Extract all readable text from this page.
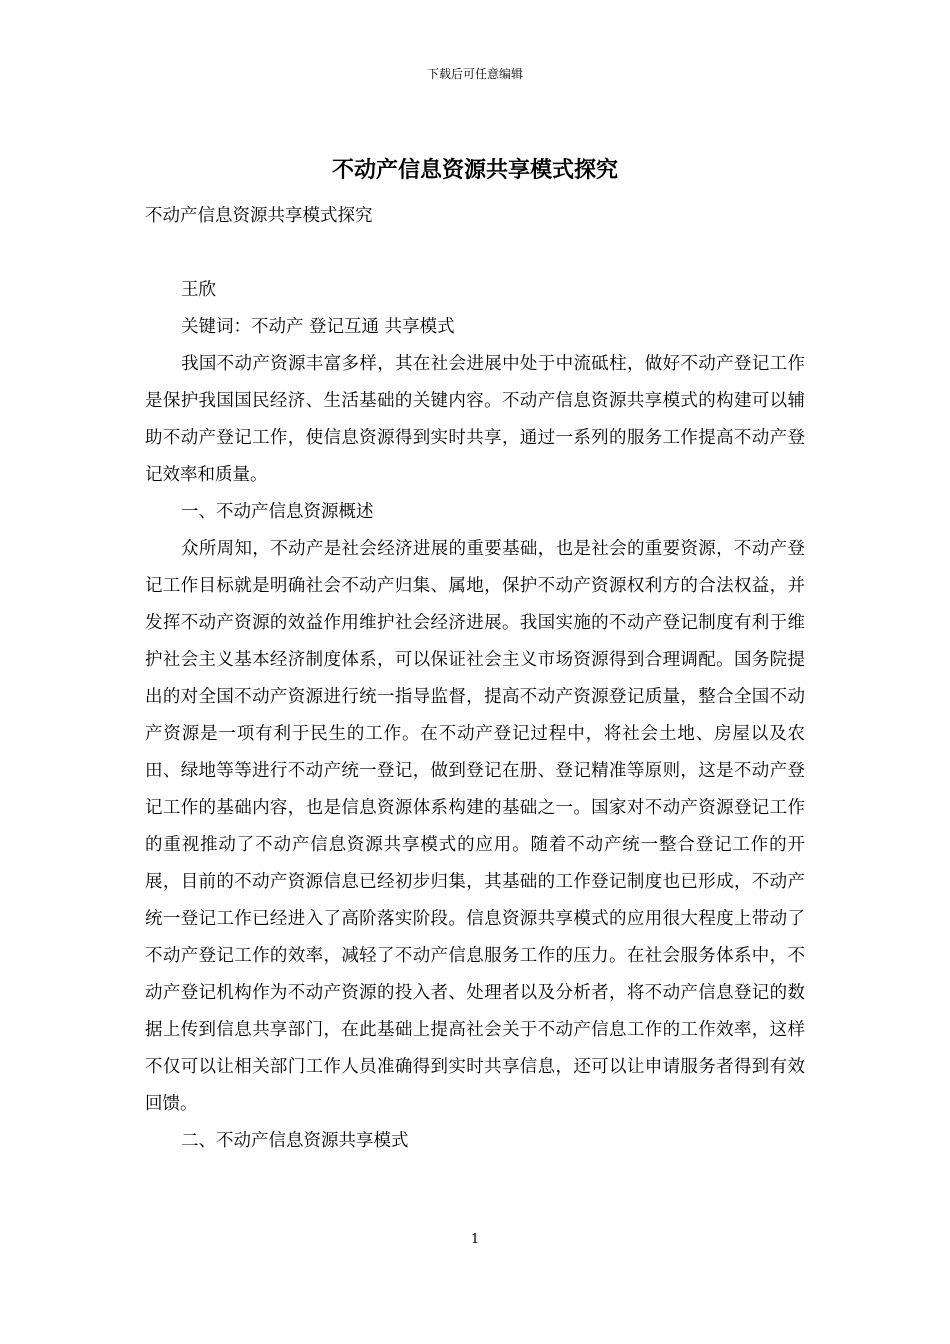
下载后可任意编辑
不动产信息资源共享模式探究

不动产信息资源共享模式探究

王欣

关键词：不动产 登记互通 共享模式

我国不动产资源丰富多样，其在社会进展中处于中流砥柱，做好不动产登记工作是保护我国国民经济、生活基础的关键内容。不动产信息资源共享模式的构建可以辅助不动产登记工作，使信息资源得到实时共享，通过一系列的服务工作提高不动产登记效率和质量。

一、不动产信息资源概述

众所周知，不动产是社会经济进展的重要基础，也是社会的重要资源，不动产登记工作目标就是明确社会不动产归集、属地，保护不动产资源权利方的合法权益，并发挥不动产资源的效益作用维护社会经济进展。我国实施的不动产登记制度有利于维护社会主义基本经济制度体系，可以保证社会主义市场资源得到合理调配。国务院提出的对全国不动产资源进行统一指导监督，提高不动产资源登记质量，整合全国不动产资源是一项有利于民生的工作。在不动产登记过程中，将社会土地、房屋以及农田、绿地等等进行不动产统一登记，做到登记在册、登记精准等原则，这是不动产登记工作的基础内容，也是信息资源体系构建的基础之一。国家对不动产资源登记工作的重视推动了不动产信息资源共享模式的应用。随着不动产统一整合登记工作的开展，目前的不动产资源信息已经初步归集，其基础的工作登记制度也已形成，不动产统一登记工作已经进入了高阶落实阶段。信息资源共享模式的应用很大程度上带动了不动产登记工作的效率，减轻了不动产信息服务工作的压力。在社会服务体系中，不动产登记机构作为不动产资源的投入者、处理者以及分析者，将不动产信息登记的数据上传到信息共享部门，在此基础上提高社会关于不动产信息工作的工作效率，这样不仅可以让相关部门工作人员准确得到实时共享信息，还可以让申请服务者得到有效回馈。

二、不动产信息资源共享模式

1
